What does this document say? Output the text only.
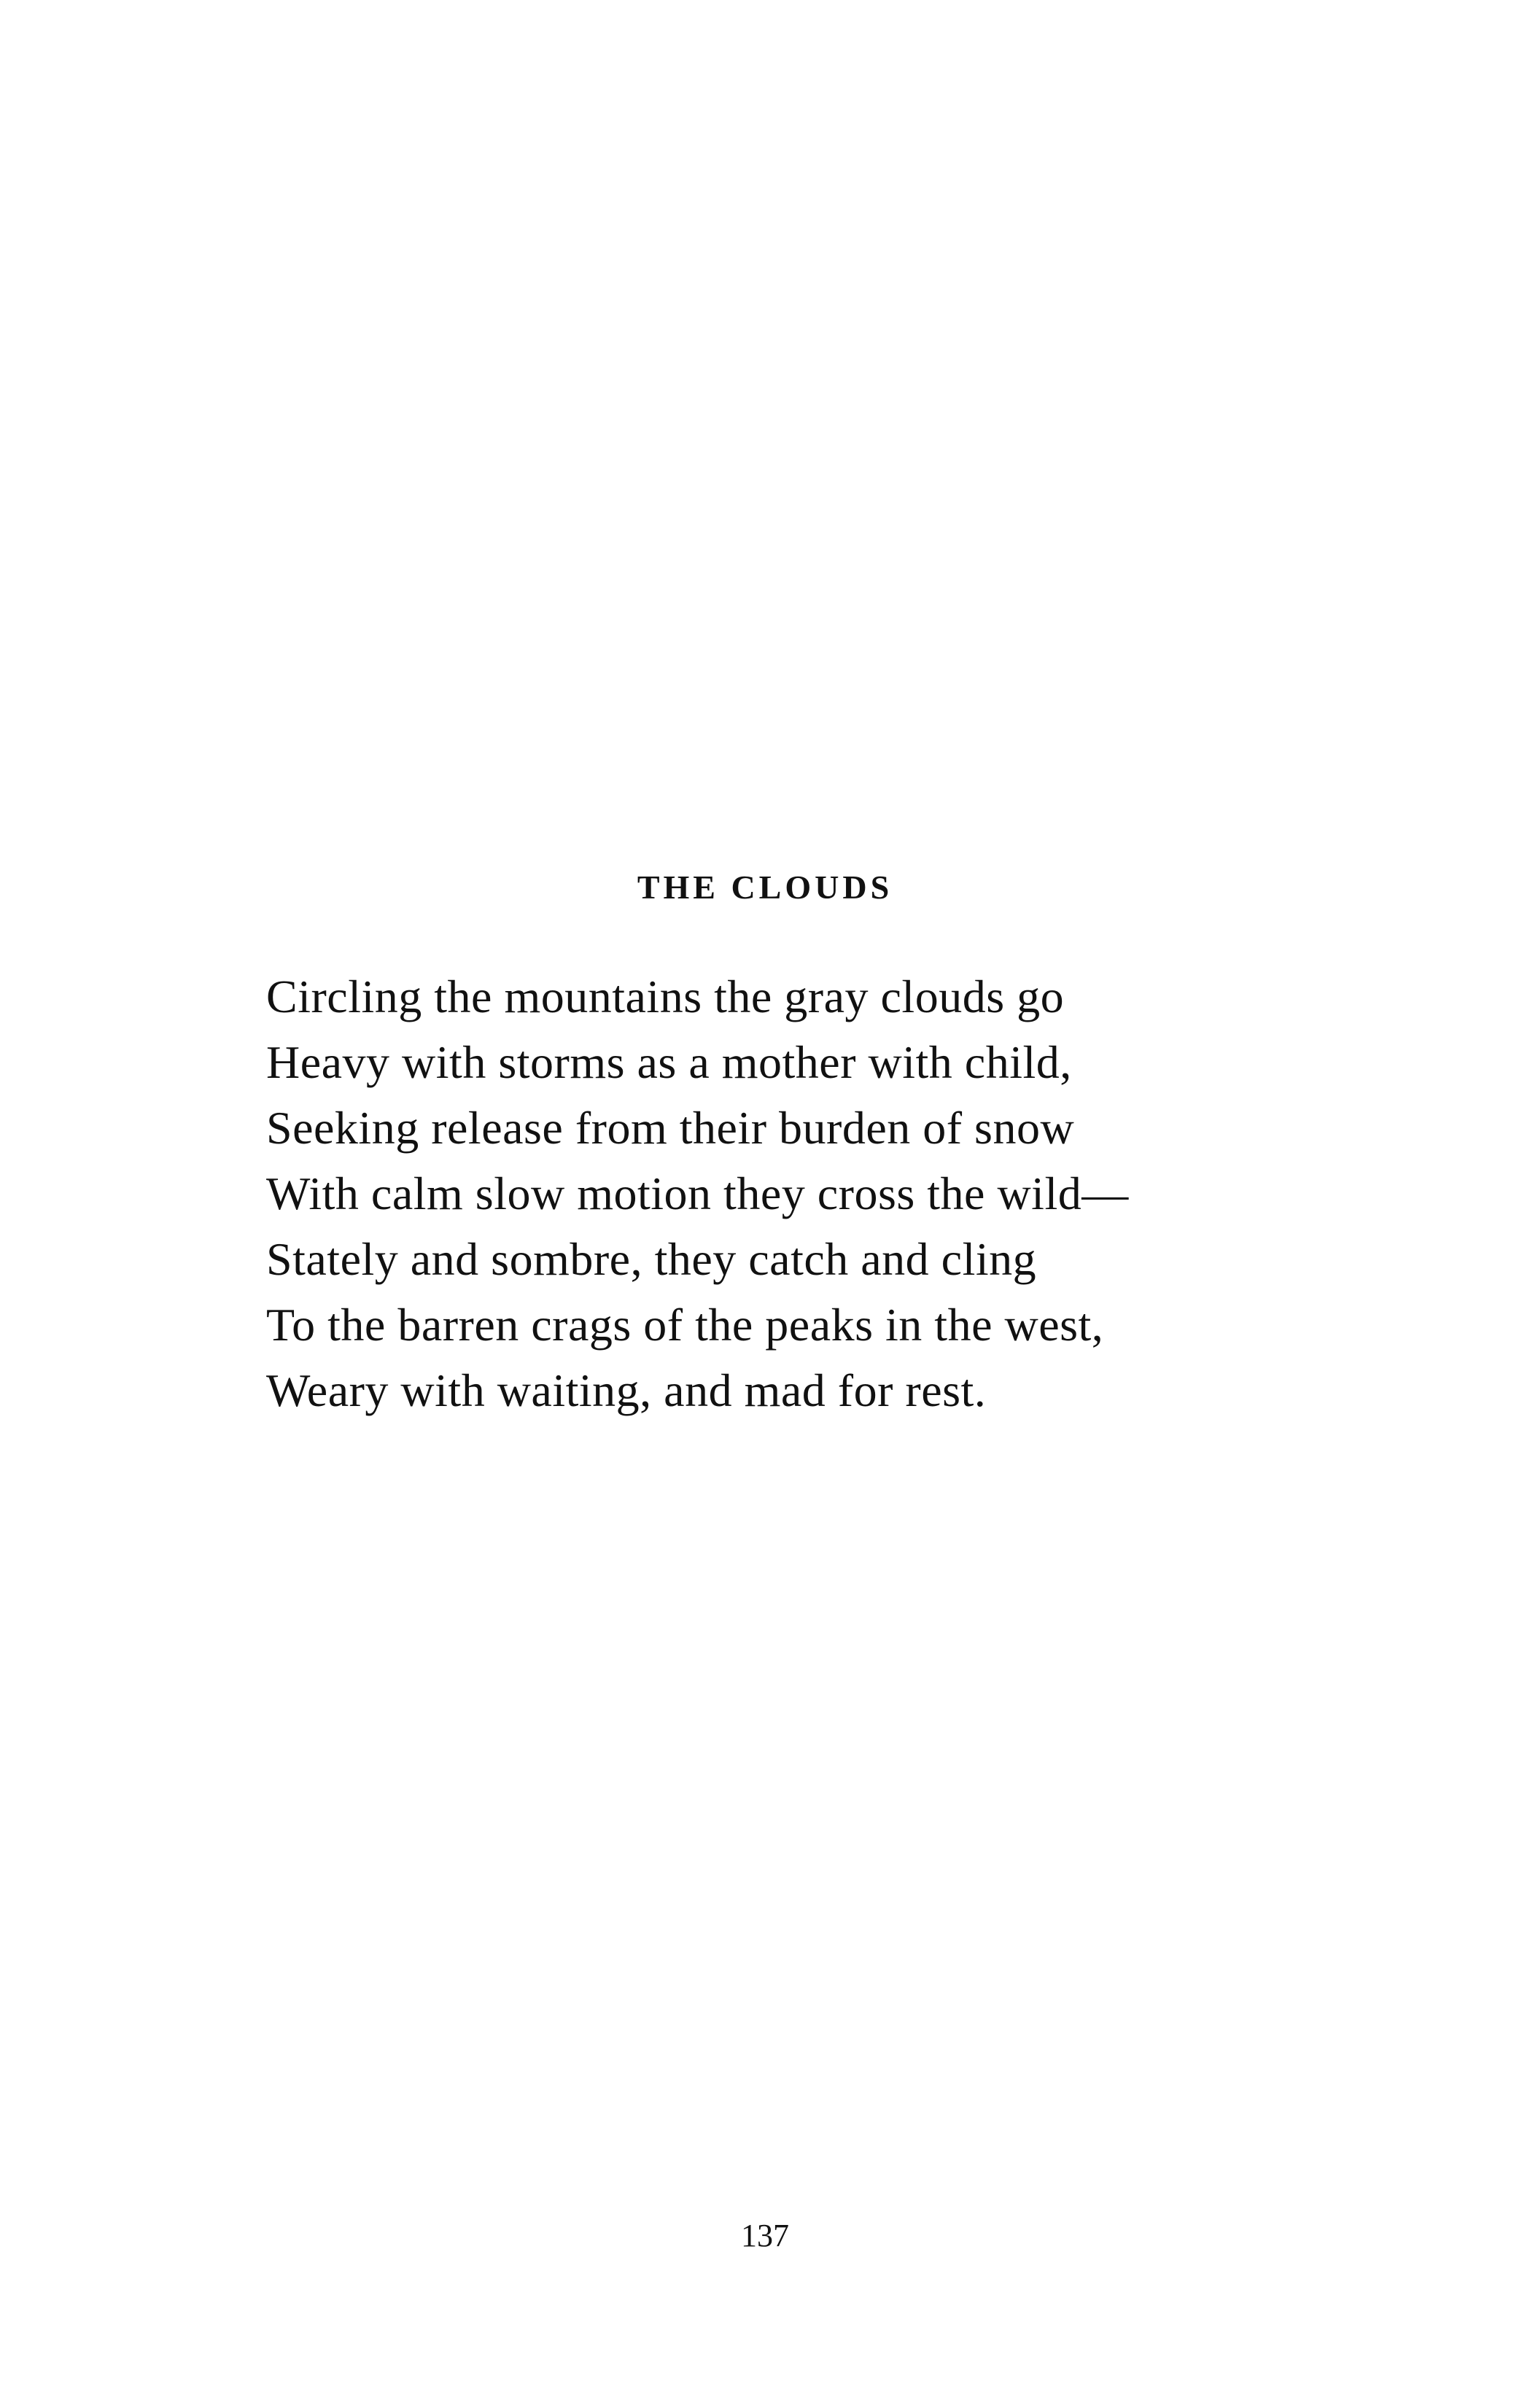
THE CLOUDS
Circling the mountains the gray clouds go
Heavy with storms as a mother with child,
Seeking release from their burden of snow
With calm slow motion they cross the wild—
Stately and sombre, they catch and cling
To the barren crags of the peaks in the west,
Weary with waiting, and mad for rest.

137
